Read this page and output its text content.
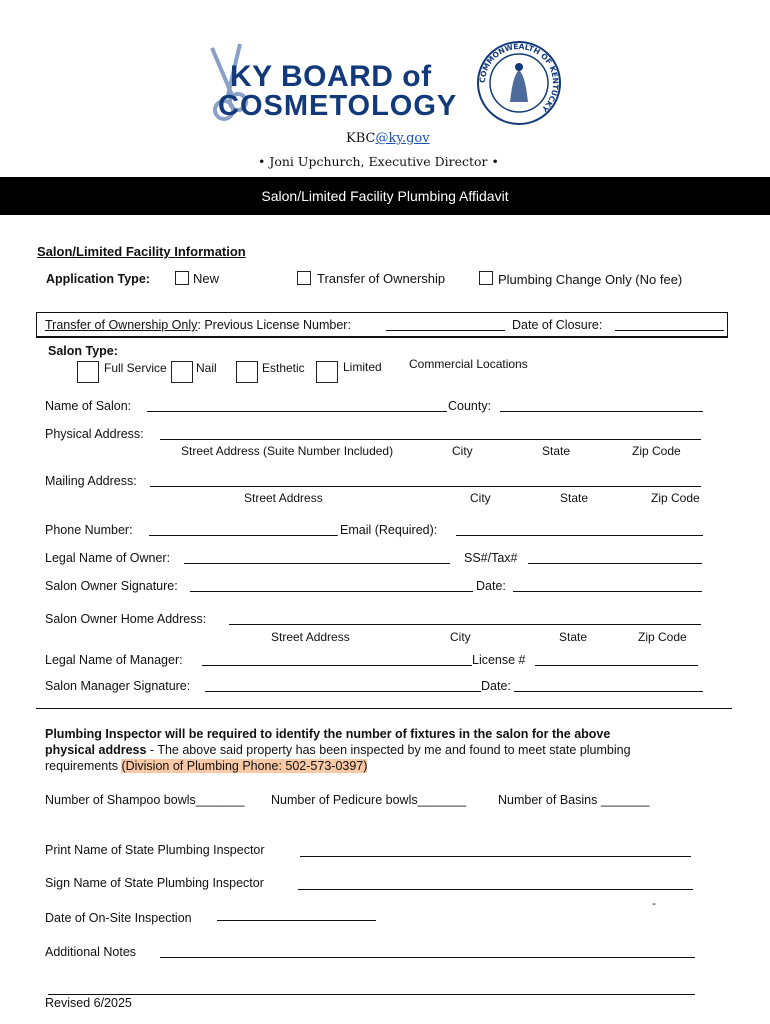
KY BOARD of
COSMETOLOGY
COMMONWEALTH OF KENTUCKY
KBC@ky.gov
• Joni Upchurch, Executive Director •
Salon/Limited Facility Plumbing Affidavit
Salon/Limited Facility Information
Application Type:	New	Transfer of Ownership	Plumbing Change Only (No fee)
Transfer of Ownership Only: Previous License Number:	Date of Closure:
Salon Type:
Full Service Nail	Esthetic	Limited Commercial Locations
Name of Salon:	County:
Physical Address:
Street Address (Suite Number Included)	City	State	Zip Code
Mailing Address:
Street Address	City	State	Zip Code
Phone Number:	Email (Required):
Legal Name of Owner:	SS#/Tax#
Salon Owner Signature:	Date:
Salon Owner Home Address:
Street Address	City	State	Zip Code
Legal Name of Manager:	License #
Salon Manager Signature:	Date:
Plumbing Inspector will be required to identify the number of fixtures in the salon for the above
physical address - The above said property has been inspected by me and found to meet state plumbing
requirements (Division of Plumbing Phone: 502-573-0397)
Number of Shampoo bowls_______ Number of Pedicure bowls_______	Number of Basins _______
Print Name of State Plumbing Inspector
Sign Name of State Plumbing Inspector
-
Date of On-Site Inspection
Additional Notes
Revised 6/2025
